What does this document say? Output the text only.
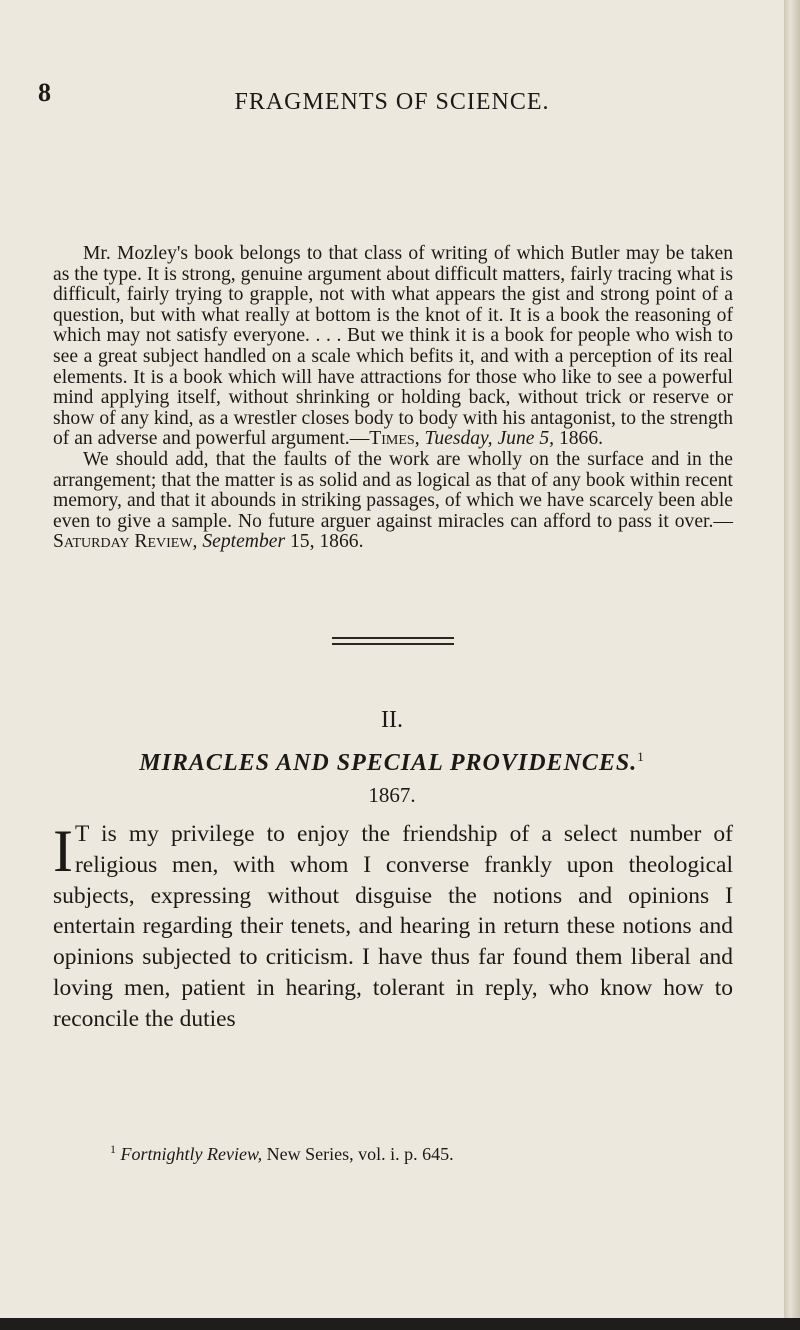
8	FRAGMENTS OF SCIENCE.

Mr. Mozley's book belongs to that class of writing of which Butler may be taken as the type. It is strong, genuine argument about difficult matters, fairly tracing what is difficult, fairly trying to grapple, not with what appears the gist and strong point of a question, but with what really at bottom is the knot of it. It is a book the reasoning of which may not satisfy everyone. . . . But we think it is a book for people who wish to see a great subject handled on a scale which befits it, and with a perception of its real elements. It is a book which will have attractions for those who like to see a powerful mind applying itself, without shrinking or holding back, without trick or reserve or show of any kind, as a wrestler closes body to body with his antagonist, to the strength of an adverse and powerful argument.—Times, Tuesday, June 5, 1866.

We should add, that the faults of the work are wholly on the surface and in the arrangement; that the matter is as solid and as logical as that of any book within recent memory, and that it abounds in striking passages, of which we have scarcely been able even to give a sample. No future arguer against miracles can afford to pass it over.—Saturday Review, September 15, 1866.

II.
MIRACLES AND SPECIAL PROVIDENCES.$^1$
1867.

I T is my privilege to enjoy the friendship of a select number of religious men, with whom I converse frankly upon theological subjects, expressing without disguise the notions and opinions I entertain regarding their tenets, and hearing in return these notions and opinions subjected to criticism. I have thus far found them liberal and loving men, patient in hearing, tolerant in reply, who know how to reconcile the duties

$^1$ Fortnightly Review, New Series, vol. i. p. 645.
